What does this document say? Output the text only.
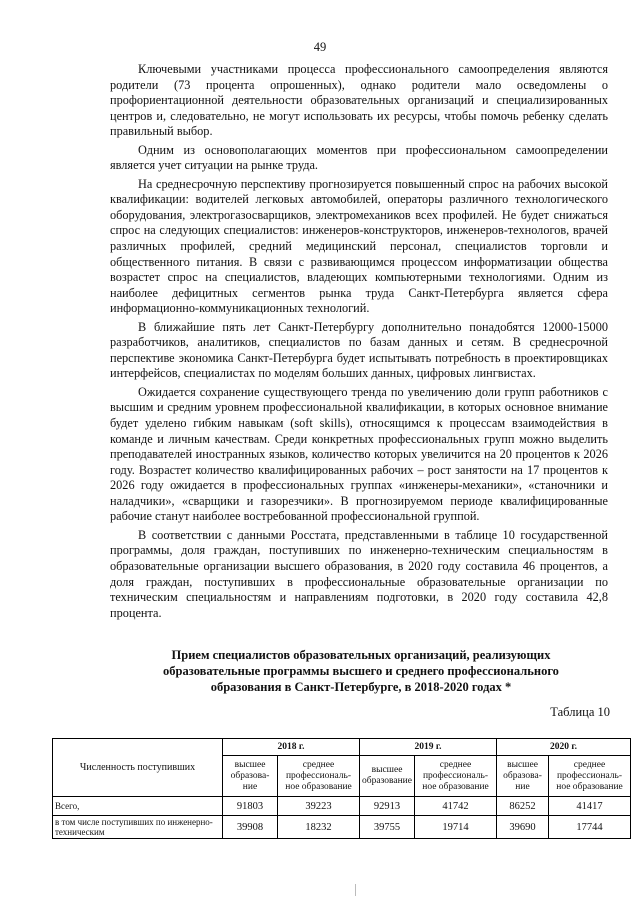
49

Ключевыми участниками процесса профессионального самоопределения являются родители (73 процента опрошенных), однако родители мало осведомлены о профориентационной деятельности образовательных организаций и специализированных центров и, следовательно, не могут использовать их ресурсы, чтобы помочь ребенку сделать правильный выбор.

Одним из основополагающих моментов при профессиональном самоопределении является учет ситуации на рынке труда.

На среднесрочную перспективу прогнозируется повышенный спрос на рабочих высокой квалификации: водителей легковых автомобилей, операторы различного технологического оборудования, электрогазосварщиков, электромехаников всех профилей. Не будет снижаться спрос на следующих специалистов: инженеров-конструкторов, инженеров-технологов, врачей различных профилей, средний медицинский персонал, специалистов торговли и общественного питания. В связи с развивающимся процессом информатизации общества возрастет спрос на специалистов, владеющих компьютерными технологиями. Одним из наиболее дефицитных сегментов рынка труда Санкт-Петербурга является сфера информационно-коммуникационных технологий.

В ближайшие пять лет Санкт-Петербургу дополнительно понадобятся 12000-15000 разработчиков, аналитиков, специалистов по базам данных и сетям. В среднесрочной перспективе экономика Санкт-Петербурга будет испытывать потребность в проектировщиках интерфейсов, специалистах по моделям больших данных, цифровых лингвистах.

Ожидается сохранение существующего тренда по увеличению доли групп работников с высшим и средним уровнем профессиональной квалификации, в которых основное внимание будет уделено гибким навыкам (soft skills), относящимся к процессам взаимодействия в команде и личным качествам. Среди конкретных профессиональных групп можно выделить преподавателей иностранных языков, количество которых увеличится на 20 процентов к 2026 году. Возрастет количество квалифицированных рабочих – рост занятости на 17 процентов к 2026 году ожидается в профессиональных группах «инженеры-механики», «станочники и наладчики», «сварщики и газорезчики». В прогнозируемом периоде квалифицированные рабочие станут наиболее востребованной профессиональной группой.

В соответствии с данными Росстата, представленными в таблице 10 государственной программы, доля граждан, поступивших по инженерно-техническим специальностям в образовательные организации высшего образования, в 2020 году составила 46 процентов, а доля граждан, поступивших в профессиональные образовательные организации по техническим специальностям и направлениям подготовки, в 2020 году составила 42,8 процента.

Прием специалистов образовательных организаций, реализующих образовательные программы высшего и среднего профессионального образования в Санкт-Петербурге, в 2018-2020 годах *
Таблица 10
Численность поступивших	2018 г.		2019 г.		2020 г.	
	высшее образова-ние	среднее профессиональ-ное образование	высшее образование	среднее профессиональ-ное образование	высшее образова-ние	среднее профессиональ-ное образование
Всего,	91803	39223	92913	41742	86252	41417
в том числе поступивших по инженерно-техническим	39908	18232	39755	19714	39690	17744
